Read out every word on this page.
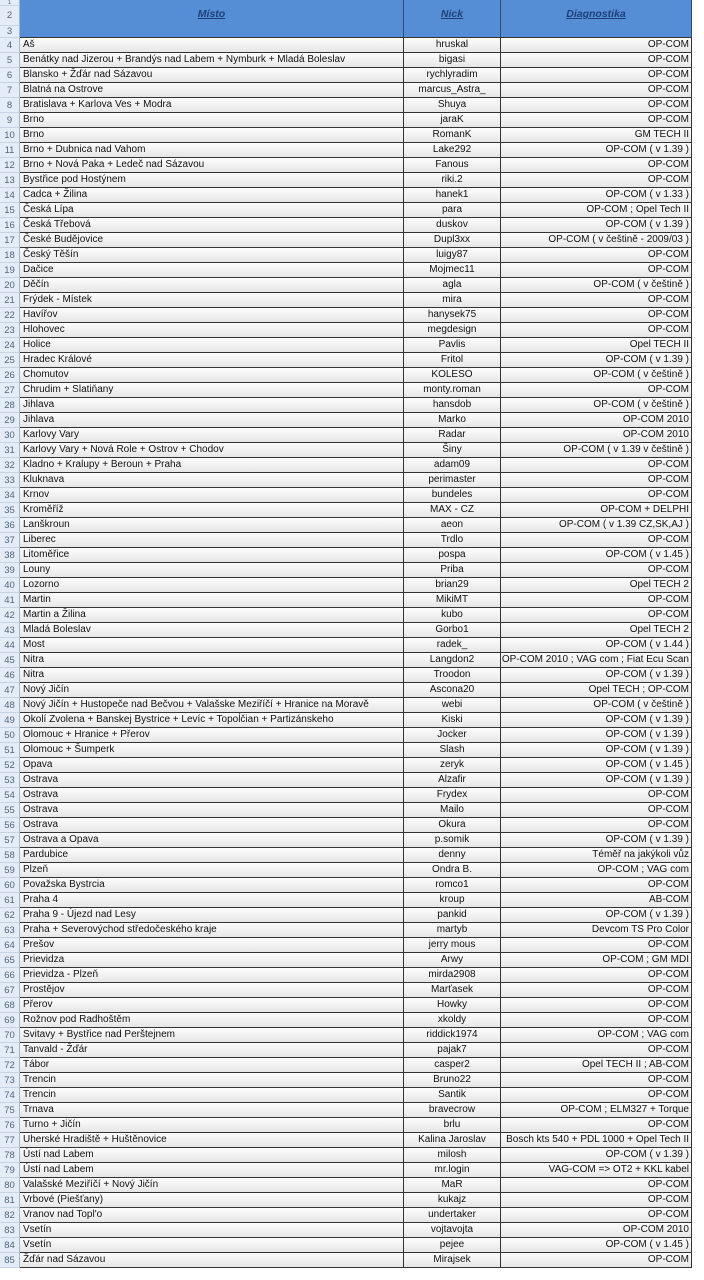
1
2	Místo	Nick	Diagnostika
3
4	Aš	hruskal	OP-COM
5	Benátky nad Jizerou + Brandýs nad Labem + Nymburk + Mladá Boleslav	bigasi	OP-COM
6	Blansko + Žďár nad Sázavou	rychlyradim	OP-COM
7	Blatná na Ostrove	marcus_Astra_	OP-COM
8	Bratislava + Karlova Ves + Modra	Shuya	OP-COM
9	Brno	jaraK	OP-COM
10 Brno	RomanK	GM TECH II
11 Brno + Dubnica nad Vahom	Lake292	OP-COM ( v 1.39 )
12 Brno + Nová Paka + Ledeč nad Sázavou	Fanous	OP-COM
13 Bystřice pod Hostýnem	riki.2	OP-COM
14 Cadca + Žilina	hanek1	OP-COM ( v 1.33 )
15 Česká Lípa	para	OP-COM ; Opel Tech II
16 Česká Třebová	duskov	OP-COM ( v 1.39 )
17 České Budějovice	Dupl3xx	OP-COM ( v češtině - 2009/03 )
18 Český Těšín	luigy87	OP-COM
19 Dačice	Mojmec11	OP-COM
20 Děčín	agla	OP-COM ( v češtině )
21 Frýdek - Místek	mira	OP-COM
22 Havířov	hanysek75	OP-COM
23 Hlohovec	megdesign	OP-COM
24 Holice	Pavlis	Opel TECH II
25 Hradec Králové	Fritol	OP-COM ( v 1.39 )
26 Chomutov	KOLESO	OP-COM ( v češtině )
27 Chrudim + Slatiňany	monty.roman	OP-COM
28 Jihlava	hansdob	OP-COM ( v češtině )
29 Jihlava	Marko	OP-COM 2010
30 Karlovy Vary	Radar	OP-COM 2010
31 Karlovy Vary + Nová Role + Ostrov + Chodov	Šiny	OP-COM ( v 1.39 v češtině )
32 Kladno + Kralupy + Beroun + Praha	adam09	OP-COM
33 Kluknava	perimaster	OP-COM
34 Krnov	bundeles	OP-COM
35 Kroměříž	MAX - CZ	OP-COM + DELPHI
36 Lanškroun	aeon	OP-COM ( v 1.39 CZ,SK,AJ )
37 Liberec	Trdlo	OP-COM
38 Litoměřice	pospa	OP-COM ( v 1.45 )
39 Louny	Priba	OP-COM
40 Lozorno	brian29	Opel TECH 2
41 Martin	MikiMT	OP-COM
42 Martin a Žilina	kubo	OP-COM
43 Mladá Boleslav	Gorbo1	Opel TECH 2
44 Most	radek_	OP-COM ( v 1.44 )
45 Nitra	Langdon2	OP-COM 2010 ; VAG com ; Fiat Ecu Scan
46 Nitra	Troodon	OP-COM ( v 1.39 )
47 Nový Jičín	Ascona20	Opel TECH ; OP-COM
48 Nový Jičín + Hustopeče nad Bečvou + Valašske Meziříčí + Hranice na Moravě	webi	OP-COM ( v češtině )
49 Okolí Zvolena + Banskej Bystrice + Levíc + Topoĺčian + Partizánskeho	Kiski	OP-COM ( v 1.39 )
50 Olomouc + Hranice + Přerov	Jocker	OP-COM ( v 1.39 )
51 Olomouc + Šumperk	Slash	OP-COM ( v 1.39 )
52 Opava	zeryk	OP-COM ( v 1.45 )
53 Ostrava	Alzafir	OP-COM ( v 1.39 )
54 Ostrava	Frydex	OP-COM
55 Ostrava	Mailo	OP-COM
56 Ostrava	Okura	OP-COM
57 Ostrava a Opava	p.somik	OP-COM ( v 1.39 )
58 Pardubice	denny	Téměř na jakýkoli vůz
59 Plzeň	Ondra B.	OP-COM ; VAG com
60 Považska Bystrcia	romco1	OP-COM
61 Praha 4	kroup	AB-COM
62 Praha 9 - Újezd nad Lesy	pankid	OP-COM ( v 1.39 )
63 Praha + Severovýchod středočeského kraje	martyb	Devcom TS Pro Color
64 Prešov	jerry mous	OP-COM
65 Prievidza	Arwy	OP-COM ; GM MDI
66 Prievidza - Plzeň	mirda2908	OP-COM
67 Prostějov	Marťasek	OP-COM
68 Přerov	Howky	OP-COM
69 Rožnov pod Radhoštěm	xkoldy	OP-COM
70 Svitavy + Bystřice nad Perštejnem	riddick1974	OP-COM ; VAG com
71 Tanvald - Žďár	pajak7	OP-COM
72 Tábor	casper2	Opel TECH II ; AB-COM
73 Trencin	Bruno22	OP-COM
74 Trencin	Santik	OP-COM
75 Trnava	bravecrow	OP-COM ; ELM327 + Torque
76 Turno + Jičín	brlu	OP-COM
77 Uherské Hradiště + Huštěnovice	Kalina Jaroslav	Bosch kts 540 + PDL 1000 + Opel Tech II
78 Ústí nad Labem	milosh	OP-COM ( v 1.39 )
79 Ústí nad Labem	mr.login	VAG-COM => OT2 + KKL kabel
80 Valašské Meziříčí + Nový Jičín	MaR	OP-COM
81 Vrbové (Piešťany)	kukajz	OP-COM
82 Vranov nad Topl'o	undertaker	OP-COM
83 Vsetín	vojtavojta	OP-COM 2010
84 Vsetín	pejee	OP-COM ( v 1.45 )
85 Žďár nad Sázavou	Mirajsek	OP-COM
